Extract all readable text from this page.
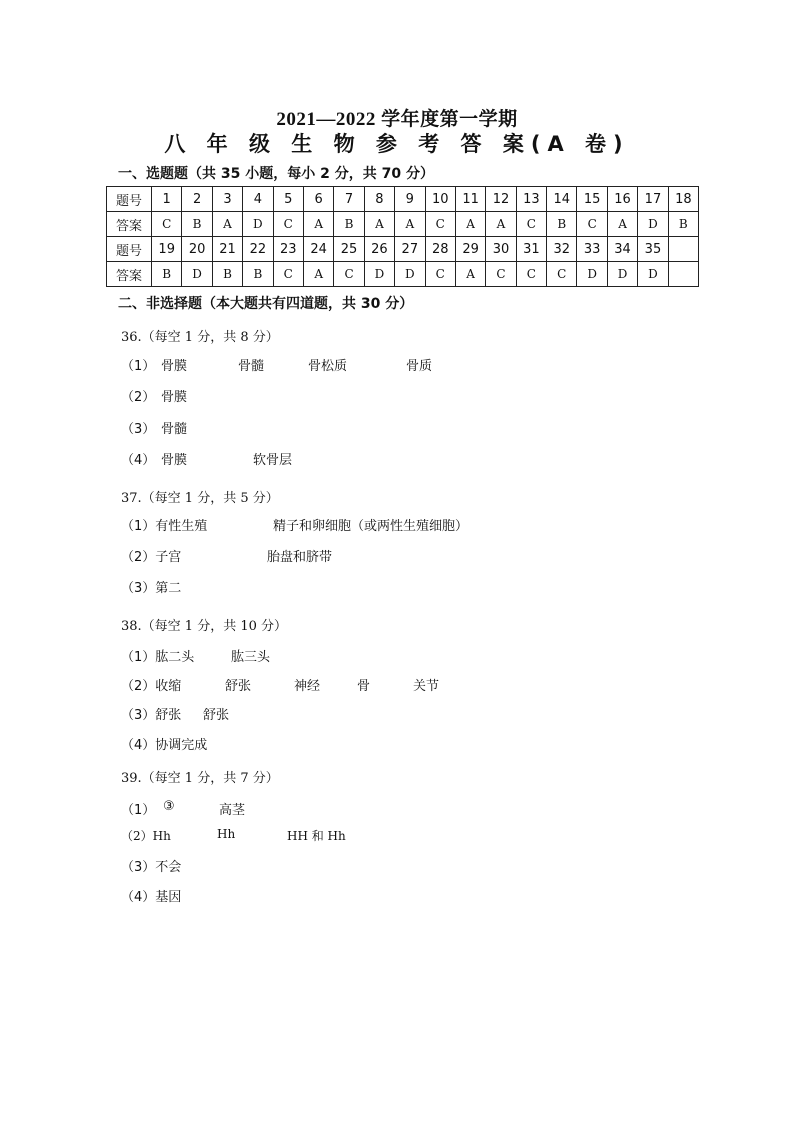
2021—2022 学年度第一学期
八 年 级 生 物 参 考 答 案(A 卷)
一、选题题（共 35 小题，每小 2 分，共 70 分）
题号	1	2	3	4	5	6	7	8	9	10	11	12	13	14	15	16	17	18
答案	C	B	A	D	C	A	B	A	A	C	A	A	C	B	C	A	D	B
题号	19	20	21	22	23	24	25	26	27	28	29	30	31	32	33	34	35	
答案	B	D	B	B	C	A	C	D	D	C	A	C	C	C	D	D	D	
二、非选择题（本大题共有四道题，共 30 分）
36.（每空 1 分，共 8 分）
（1） 骨膜	骨髓	骨松质	骨质
（2） 骨膜
（3） 骨髓
（4） 骨膜	软骨层
37.（每空 1 分，共 5 分）
（1）有性生殖	精子和卵细胞（或两性生殖细胞）
（2）子宫	胎盘和脐带
（3）第二
38.（每空 1 分，共 10 分）
（1）肱二头	肱三头
（2）收缩	舒张	神经	骨	关节
（3）舒张 舒张
（4）协调完成
39.（每空 1 分，共 7 分）
（1） ③	高茎
（2）Hh	Hh	HH 和 Hh
（3）不会
（4）基因
